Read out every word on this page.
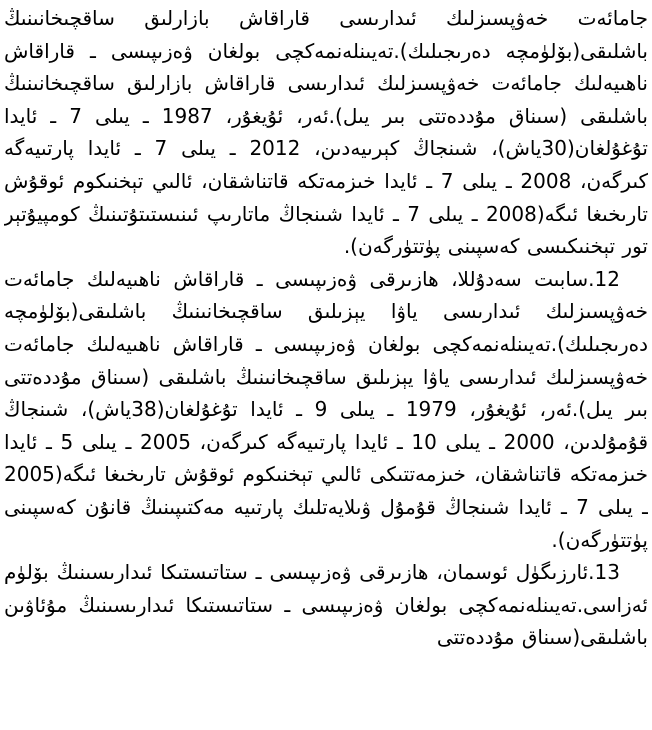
جامائەت خەۋپسىزلىك ئىدارىسى قاراقاش بازارلىق ساقچىخانىنىڭ باشلىقى(بۆلۈمچە دەرىجىلىك).تەيىنلەنمەكچى بولغان ۋەزىپىسى ـ قاراقاش ناھىيەلىك جامائەت خەۋپسىزلىك ئىدارىسى قاراقاش بازارلىق ساقچىخانىنىڭ باشلىقى (سىناق مۇددەتتى بىر يىل).ئەر، ئۇيغۇر، 1987 ـ يىلى 7 ـ ئايدا تۇغۇلغان(30ياش)، شىنجاڭ كېرىيەدىن، 2012 ـ يىلى 7 ـ ئايدا پارتىيەگە كىرگەن، 2008 ـ يىلى 7 ـ ئايدا خىزمەتكە قاتناشقان، ئالىي تېخنىكوم ئوقۇش تارىخىغا ئىگە(2008 ـ يىلى 7 ـ ئايدا شىنجاڭ ماتارىپ ئىنىستىتۇتىنىڭ كومپيۇتېر تور تېخنىكىسى كەسپىنى پۈتتۈرگەن).

12.سابىت سەدۇللا، ھازىرقى ۋەزىپىسى ـ قاراقاش ناھىيەلىك جامائەت خەۋپسىزلىك ئىدارىسى ياۋا يېزىلىق ساقچىخانىنىڭ باشلىقى(بۆلۈمچە دەرىجىلىك).تەيىنلەنمەكچى بولغان ۋەزىپىسى ـ قاراقاش ناھىيەلىك جامائەت خەۋپسىزلىك ئىدارىسى ياۋا يېزىلىق ساقچىخانىنىڭ باشلىقى (سىناق مۇددەتتى بىر يىل).ئەر، ئۇيغۇر، 1979 ـ يىلى 9 ـ ئايدا تۇغۇلغان(38ياش)، شىنجاڭ قۇمۇلدىن، 2000 ـ يىلى 10 ـ ئايدا پارتىيەگە كىرگەن، 2005 ـ يىلى 5 ـ ئايدا خىزمەتكە قاتناشقان، خىزمەتتىكى ئالىي تېخنىكوم ئوقۇش تارىخىغا ئىگە(2005 ـ يىلى 7 ـ ئايدا شىنجاڭ قۇمۇل ۋىلايەتلىك پارتىيە مەكتىپىنىڭ قانۇن كەسپىنى پۈتتۈرگەن).

13.ئارزىگۈل ئوسمان، ھازىرقى ۋەزىپىسى ـ ستاتىستىكا ئىدارىسىنىڭ بۆلۈم ئەزاسى.تەيىنلەنمەكچى بولغان ۋەزىپىسى ـ ستاتىستىكا ئىدارىسىنىڭ مۇئاۋىن باشلىقى(سىناق مۇددەتتى
